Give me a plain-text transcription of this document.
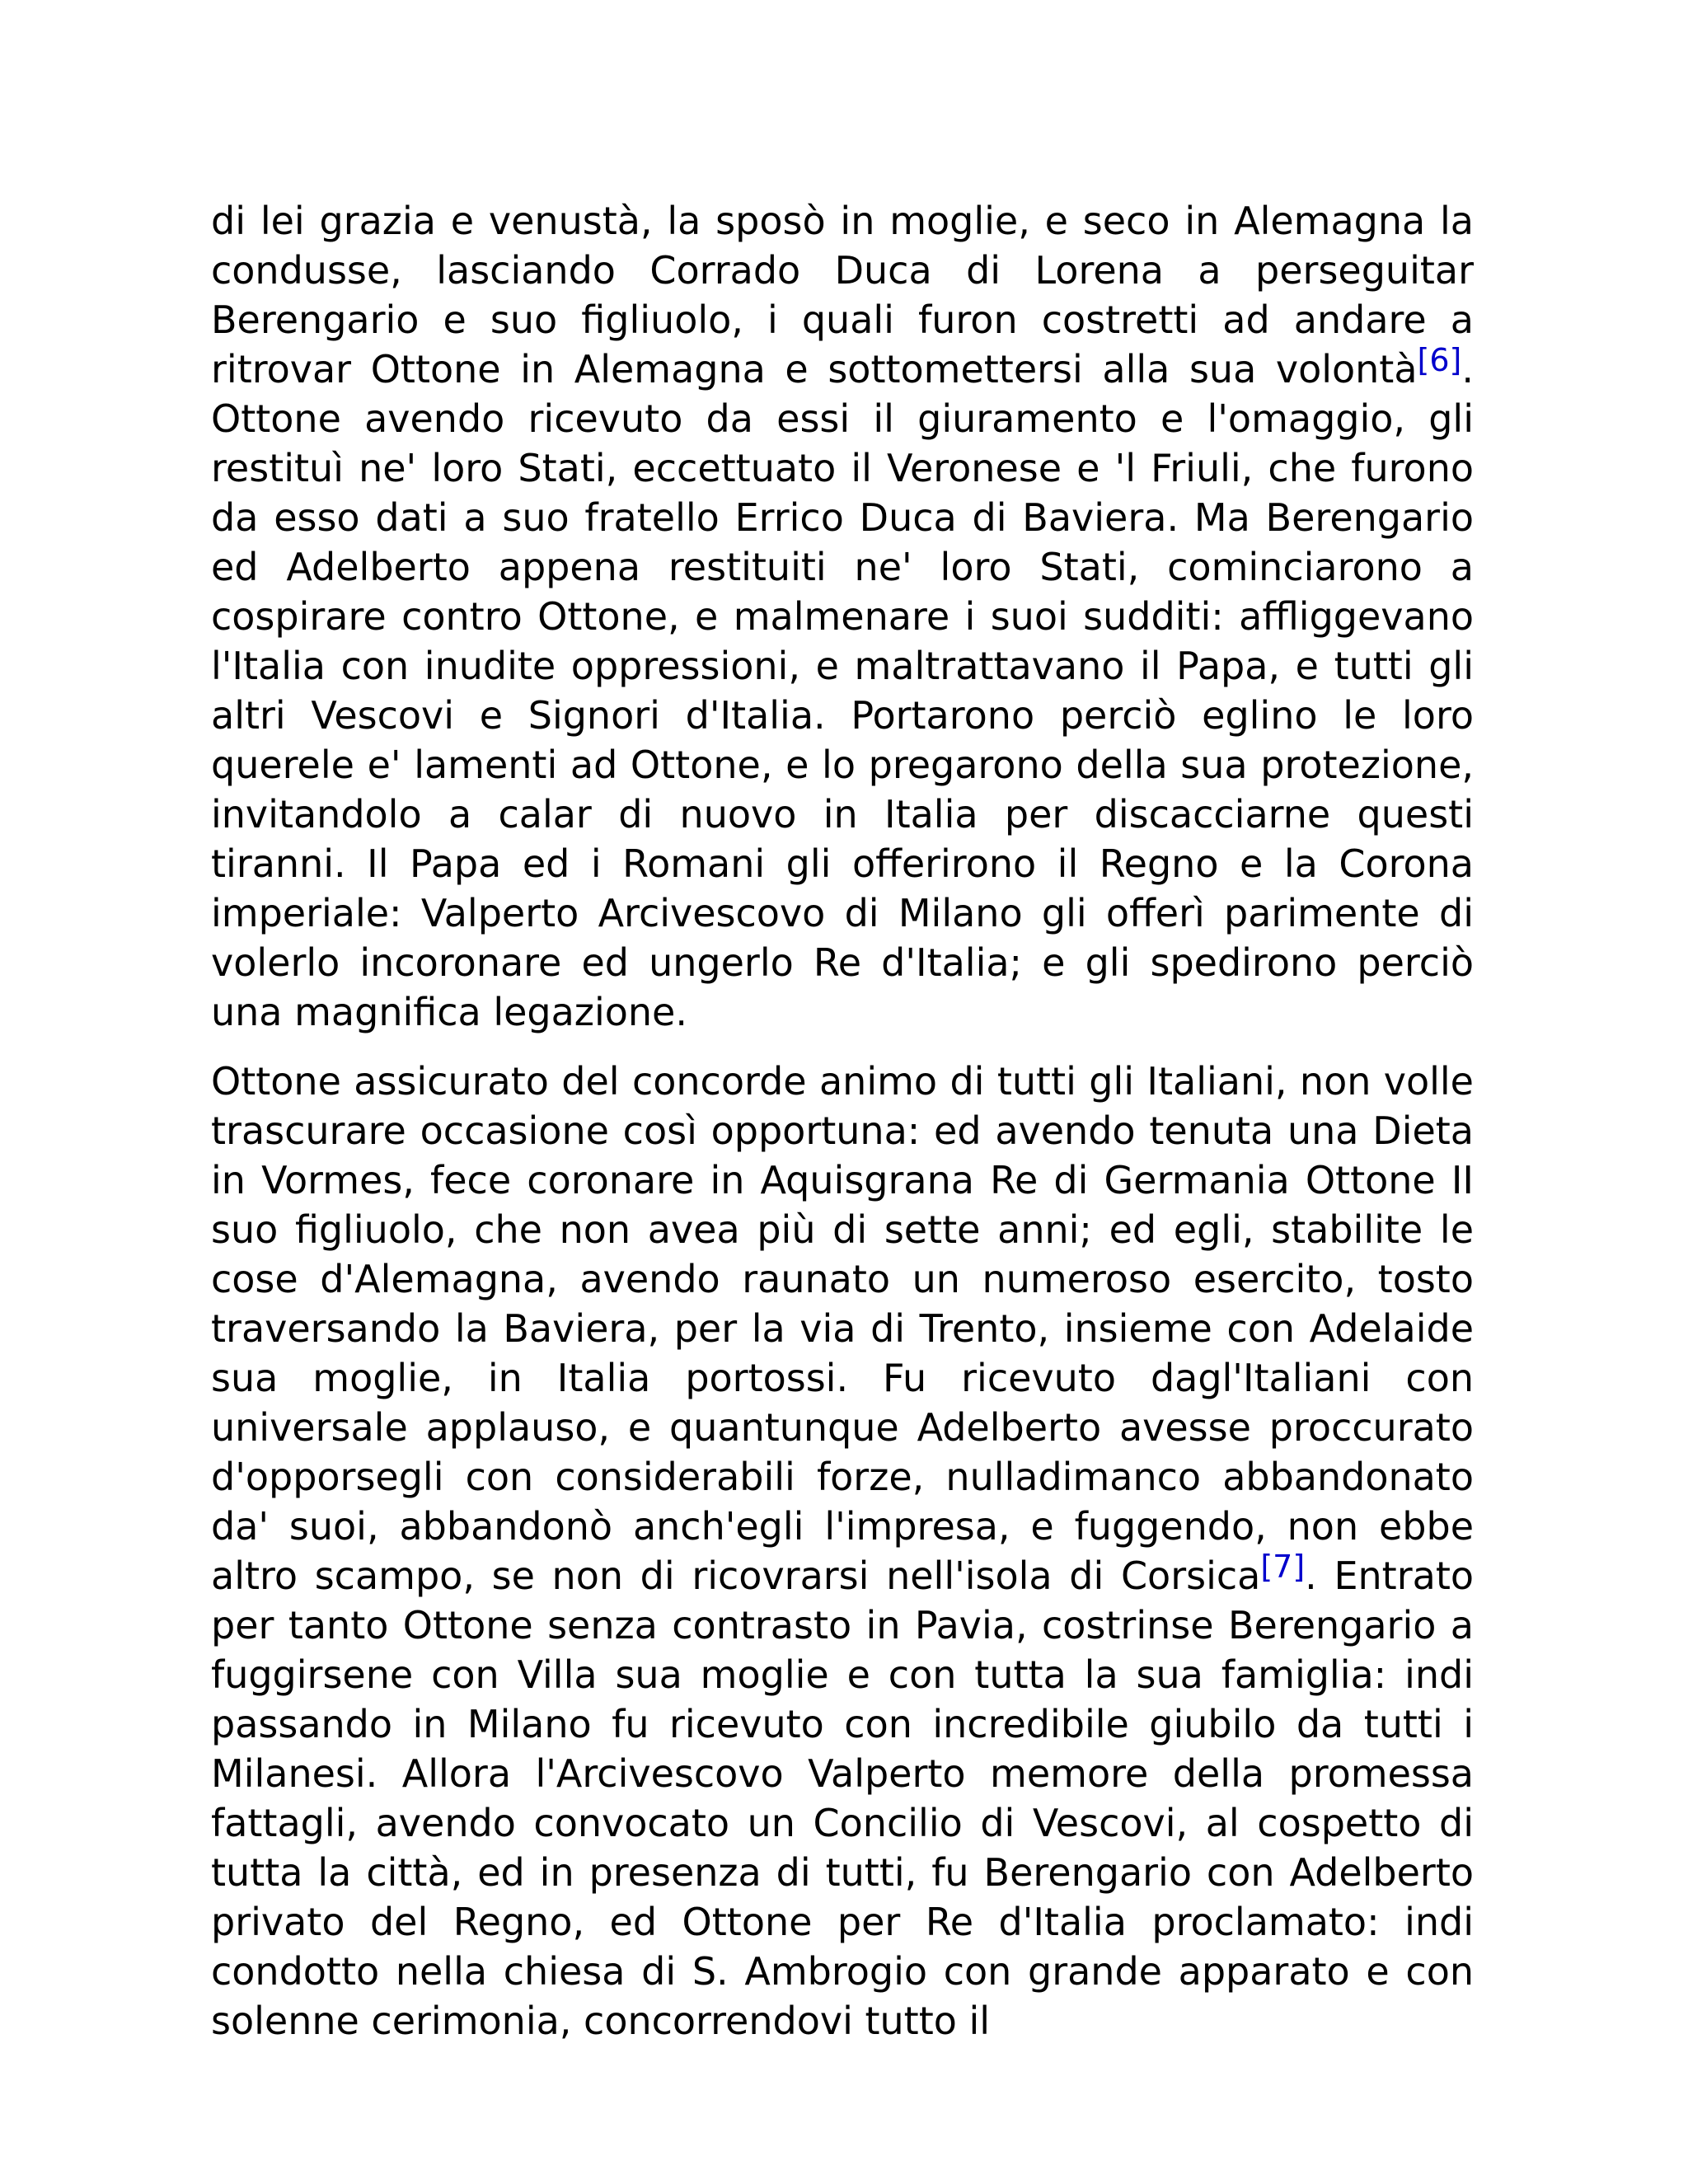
di lei grazia e venustà, la sposò in moglie, e seco in Alemagna la condusse, lasciando Corrado Duca di Lorena a perseguitar Berengario e suo figliuolo, i quali furon costretti ad andare a ritrovar Ottone in Alemagna e sottomettersi alla sua volontà[6]. Ottone avendo ricevuto da essi il giuramento e l'omaggio, gli restituì ne' loro Stati, eccettuato il Veronese e 'l Friuli, che furono da esso dati a suo fratello Errico Duca di Baviera. Ma Berengario ed Adelberto appena restituiti ne' loro Stati, cominciarono a cospirare contro Ottone, e malmenare i suoi sudditi: affliggevano l'Italia con inudite oppressioni, e maltrattavano il Papa, e tutti gli altri Vescovi e Signori d'Italia. Portarono perciò eglino le loro querele e' lamenti ad Ottone, e lo pregarono della sua protezione, invitandolo a calar di nuovo in Italia per discacciarne questi tiranni. Il Papa ed i Romani gli offerirono il Regno e la Corona imperiale: Valperto Arcivescovo di Milano gli offerì parimente di volerlo incoronare ed ungerlo Re d'Italia; e gli spedirono perciò una magnifica legazione.

Ottone assicurato del concorde animo di tutti gli Italiani, non volle trascurare occasione così opportuna: ed avendo tenuta una Dieta in Vormes, fece coronare in Aquisgrana Re di Germania Ottone II suo figliuolo, che non avea più di sette anni; ed egli, stabilite le cose d'Alemagna, avendo raunato un numeroso esercito, tosto traversando la Baviera, per la via di Trento, insieme con Adelaide sua moglie, in Italia portossi. Fu ricevuto dagl'Italiani con universale applauso, e quantunque Adelberto avesse proccurato d'opporsegli con considerabili forze, nulladimanco abbandonato da' suoi, abbandonò anch'egli l'impresa, e fuggendo, non ebbe altro scampo, se non di ricovrarsi nell'isola di Corsica[7]. Entrato per tanto Ottone senza contrasto in Pavia, costrinse Berengario a fuggirsene con Villa sua moglie e con tutta la sua famiglia: indi passando in Milano fu ricevuto con incredibile giubilo da tutti i Milanesi. Allora l'Arcivescovo Valperto memore della promessa fattagli, avendo convocato un Concilio di Vescovi, al cospetto di tutta la città, ed in presenza di tutti, fu Berengario con Adelberto privato del Regno, ed Ottone per Re d'Italia proclamato: indi condotto nella chiesa di S. Ambrogio con grande apparato e con solenne cerimonia, concorrendovi tutto il
